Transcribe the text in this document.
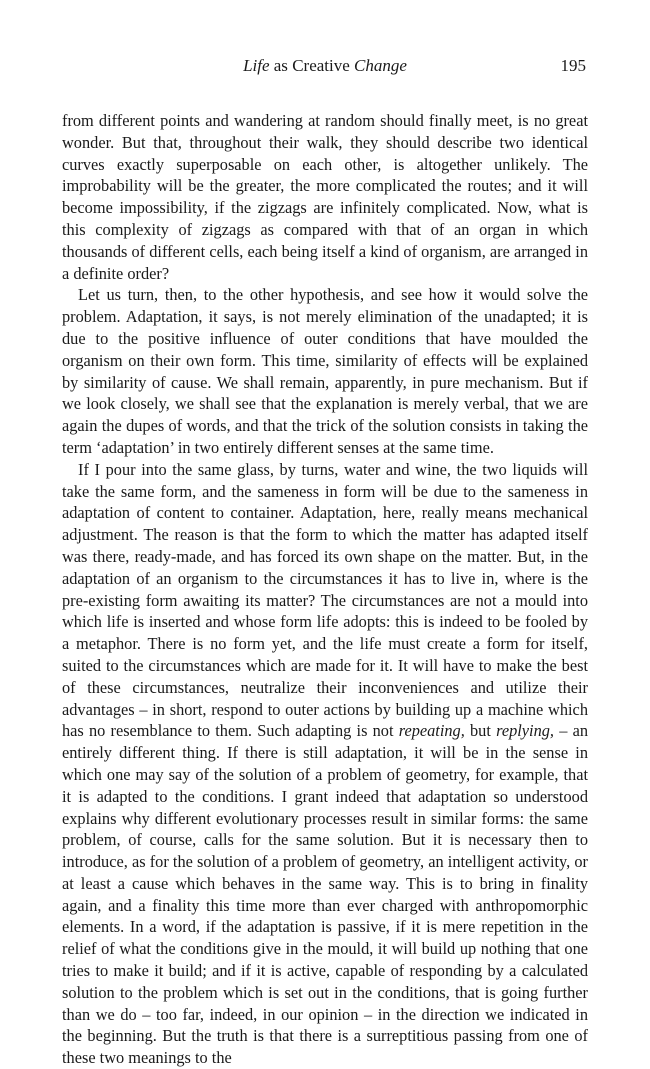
Life as Creative Change	195

from different points and wandering at random should finally meet, is no great wonder. But that, throughout their walk, they should describe two identical curves exactly superposable on each other, is altogether unlikely. The improbability will be the greater, the more complicated the routes; and it will become impossibility, if the zigzags are infinitely complicated. Now, what is this complexity of zigzags as compared with that of an organ in which thousands of different cells, each being itself a kind of organism, are arranged in a definite order?

Let us turn, then, to the other hypothesis, and see how it would solve the problem. Adaptation, it says, is not merely elimination of the unadapted; it is due to the positive influence of outer conditions that have moulded the organism on their own form. This time, similarity of effects will be explained by similarity of cause. We shall remain, apparently, in pure mechanism. But if we look closely, we shall see that the explanation is merely verbal, that we are again the dupes of words, and that the trick of the solution consists in taking the term ‘adaptation’ in two entirely different senses at the same time.

If I pour into the same glass, by turns, water and wine, the two liquids will take the same form, and the sameness in form will be due to the sameness in adaptation of content to container. Adaptation, here, really means mechanical adjustment. The reason is that the form to which the matter has adapted itself was there, ready-made, and has forced its own shape on the matter. But, in the adaptation of an organism to the circumstances it has to live in, where is the pre-existing form awaiting its matter? The circumstances are not a mould into which life is inserted and whose form life adopts: this is indeed to be fooled by a metaphor. There is no form yet, and the life must create a form for itself, suited to the circumstances which are made for it. It will have to make the best of these circumstances, neutralize their inconveniences and utilize their advantages – in short, respond to outer actions by building up a machine which has no resemblance to them. Such adapting is not repeating, but replying, – an entirely different thing. If there is still adaptation, it will be in the sense in which one may say of the solution of a problem of geometry, for example, that it is adapted to the conditions. I grant indeed that adaptation so understood explains why different evolutionary processes result in similar forms: the same problem, of course, calls for the same solution. But it is necessary then to introduce, as for the solution of a problem of geometry, an intelligent activity, or at least a cause which behaves in the same way. This is to bring in finality again, and a finality this time more than ever charged with anthropomorphic elements. In a word, if the adaptation is passive, if it is mere repetition in the relief of what the conditions give in the mould, it will build up nothing that one tries to make it build; and if it is active, capable of responding by a calculated solution to the problem which is set out in the conditions, that is going further than we do – too far, indeed, in our opinion – in the direction we indicated in the beginning. But the truth is that there is a surreptitious passing from one of these two meanings to the
